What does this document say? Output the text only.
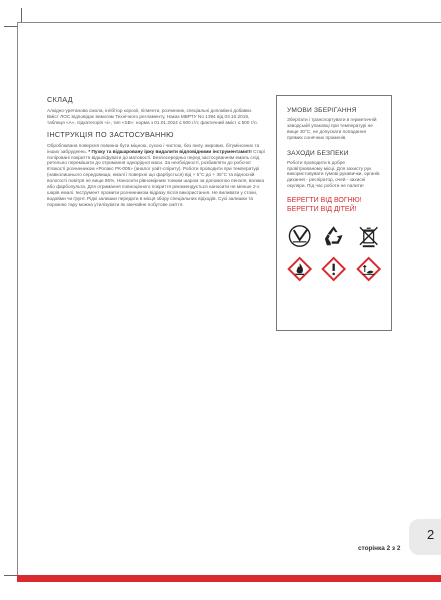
СКЛАД

Алкідно-уретанова смола, інгібітор корозії, пігменти, розчинник, спеціальні допоміжні добавки. Вміст ЛОС відповідає вимогам Технічного регламенту, Наказ МВРТУ No 1394 від 03.10.2018, таблиця «А», підкатегорія «i», тип «SB»: норма з 01.01.2024 ≤ 500 г/л; фактичний вміст ≤ 500 г/л.

ІНСТРУКЦІЯ ПО ЗАСТОСУВАННЮ

Оброблювана поверхня повинна бути міцною, сухою і чистою, без пилу, жирових, бітумінозних та інших забруднень. * Пухку та відшаровану іржу видалити відповідними інструментами!!! Старі поліровані покриття відшліфувати до матовості. Безпосередньо перед застосуванням емаль слід ретельно перемішати до отримання однорідної маси. За необхідності, розбавляти до робочої в'язкості розчинником «Ролакс РК-005» (аналог уайт-спіриту). Роботи проводити при температурі (навколишнього середовища, емалі і поверхні що фарбується) від + 5°С до + 35°С та відносній вологості повітря не вище 85%. Наносити рівномірним тонким шаром за допомогою пензля, валика або фарбопульта. Для отримання повноцінного покриття рекомендується наносити не менше 2-х шарів емалі. Інструмент промити розчинником відразу після використання. Не виливати у стоки, водойми чи ґрунт. Рідкі залишки передати в місця збору спеціальних відходів. Сухі залишки та порожню тару можна утилізувати як звичайне побутове сміття.

УМОВИ ЗБЕРІГАННЯ

Зберігати і транспортувати в герметичній заводській упаковці при температурі не вище 30°С, не допускати попадання прямих сонячних променів.

ЗАХОДИ БЕЗПЕКИ

Роботи проводити в добре провітрюваному місці. Для захисту рук використовувати гумові рукавички, органів дихання - респіратор, очей - захисні окуляри. Під час роботи не палити!

БЕРЕГТИ ВІД ВОГНЮ!

БЕРЕГТИ ВІД ДІТЕЙ!

2
сторінка 2 з 2
